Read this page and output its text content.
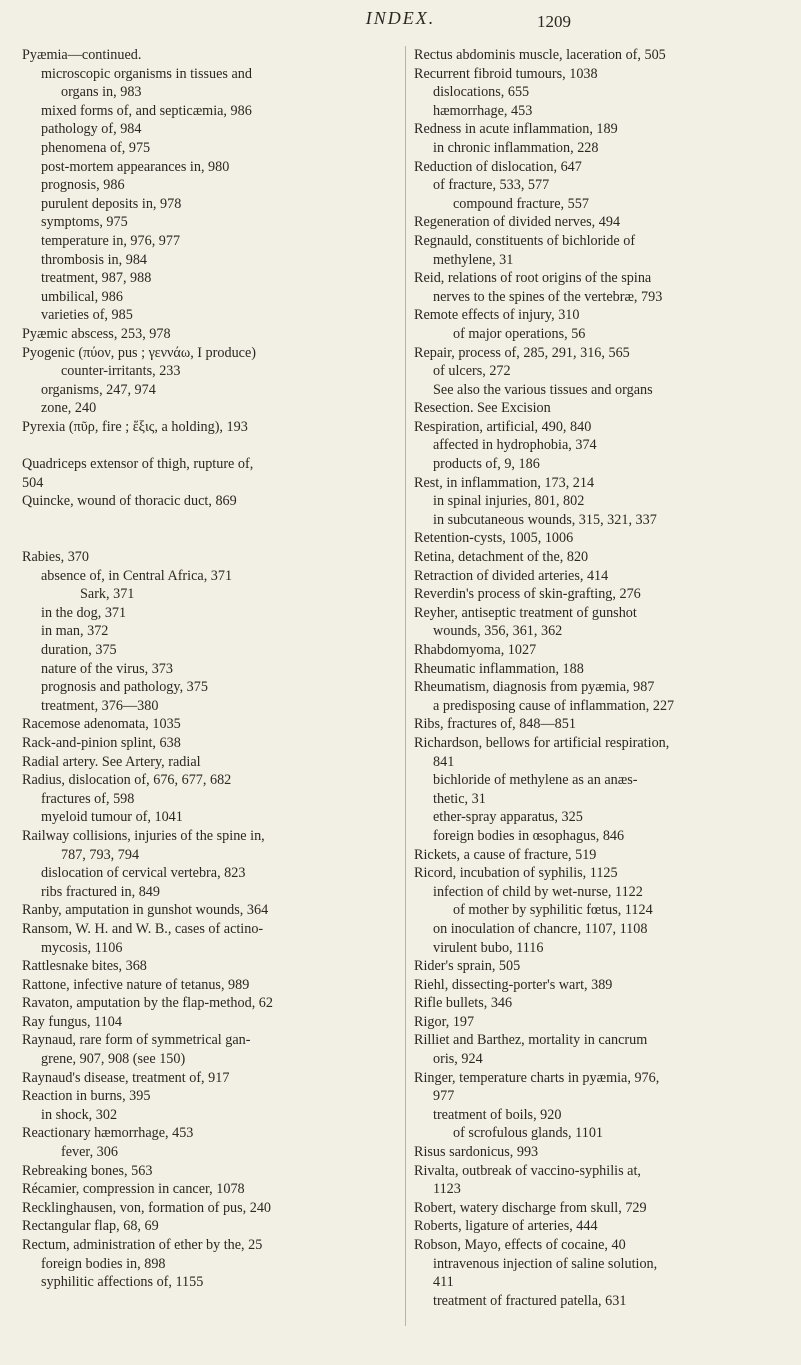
INDEX.	1209
Pyæmia—continued.
microscopic organisms in tissues and
organs in, 983
mixed forms of, and septicæmia, 986
pathology of, 984
phenomena of, 975
post-mortem appearances in, 980
prognosis, 986
purulent deposits in, 978
symptoms, 975
temperature in, 976, 977
thrombosis in, 984
treatment, 987, 988
umbilical, 986
varieties of, 985
Pyæmic abscess, 253, 978
Pyogenic (πύον, pus ; γεννάω, I produce)
counter-irritants, 233
organisms, 247, 974
zone, 240
Pyrexia (πῦρ, fire ; ἕξις, a holding), 193
Quadriceps extensor of thigh, rupture of,
504
Quincke, wound of thoracic duct, 869
Rabies, 370
absence of, in Central Africa, 371
Sark, 371
in the dog, 371
in man, 372
duration, 375
nature of the virus, 373
prognosis and pathology, 375
treatment, 376—380
Racemose adenomata, 1035
Rack-and-pinion splint, 638
Radial artery. See Artery, radial
Radius, dislocation of, 676, 677, 682
fractures of, 598
myeloid tumour of, 1041
Railway collisions, injuries of the spine in,
787, 793, 794
dislocation of cervical vertebra, 823
ribs fractured in, 849
Ranby, amputation in gunshot wounds, 364
Ransom, W. H. and W. B., cases of actino-
mycosis, 1106
Rattlesnake bites, 368
Rattone, infective nature of tetanus, 989
Ravaton, amputation by the flap-method, 62
Ray fungus, 1104
Raynaud, rare form of symmetrical gan-
grene, 907, 908 (see 150)
Raynaud's disease, treatment of, 917
Reaction in burns, 395
in shock, 302
Reactionary hæmorrhage, 453
fever, 306
Rebreaking bones, 563
Récamier, compression in cancer, 1078
Recklinghausen, von, formation of pus, 240
Rectangular flap, 68, 69
Rectum, administration of ether by the, 25
foreign bodies in, 898
syphilitic affections of, 1155
Rectus abdominis muscle, laceration of, 505
Recurrent fibroid tumours, 1038
dislocations, 655
hæmorrhage, 453
Redness in acute inflammation, 189
in chronic inflammation, 228
Reduction of dislocation, 647
of fracture, 533, 577
compound fracture, 557
Regeneration of divided nerves, 494
Regnauld, constituents of bichloride of
methylene, 31
Reid, relations of root origins of the spina
nerves to the spines of the vertebræ, 793
Remote effects of injury, 310
of major operations, 56
Repair, process of, 285, 291, 316, 565
of ulcers, 272
See also the various tissues and organs
Resection. See Excision
Respiration, artificial, 490, 840
affected in hydrophobia, 374
products of, 9, 186
Rest, in inflammation, 173, 214
in spinal injuries, 801, 802
in subcutaneous wounds, 315, 321, 337
Retention-cysts, 1005, 1006
Retina, detachment of the, 820
Retraction of divided arteries, 414
Reverdin's process of skin-grafting, 276
Reyher, antiseptic treatment of gunshot
wounds, 356, 361, 362
Rhabdomyoma, 1027
Rheumatic inflammation, 188
Rheumatism, diagnosis from pyæmia, 987
a predisposing cause of inflammation, 227
Ribs, fractures of, 848—851
Richardson, bellows for artificial respiration,
841
bichloride of methylene as an anæs-
thetic, 31
ether-spray apparatus, 325
foreign bodies in œsophagus, 846
Rickets, a cause of fracture, 519
Ricord, incubation of syphilis, 1125
infection of child by wet-nurse, 1122
of mother by syphilitic fœtus, 1124
on inoculation of chancre, 1107, 1108
virulent bubo, 1116
Rider's sprain, 505
Riehl, dissecting-porter's wart, 389
Rifle bullets, 346
Rigor, 197
Rilliet and Barthez, mortality in cancrum
oris, 924
Ringer, temperature charts in pyæmia, 976,
977
treatment of boils, 920
of scrofulous glands, 1101
Risus sardonicus, 993
Rivalta, outbreak of vaccino-syphilis at,
1123
Robert, watery discharge from skull, 729
Roberts, ligature of arteries, 444
Robson, Mayo, effects of cocaine, 40
intravenous injection of saline solution,
411
treatment of fractured patella, 631
